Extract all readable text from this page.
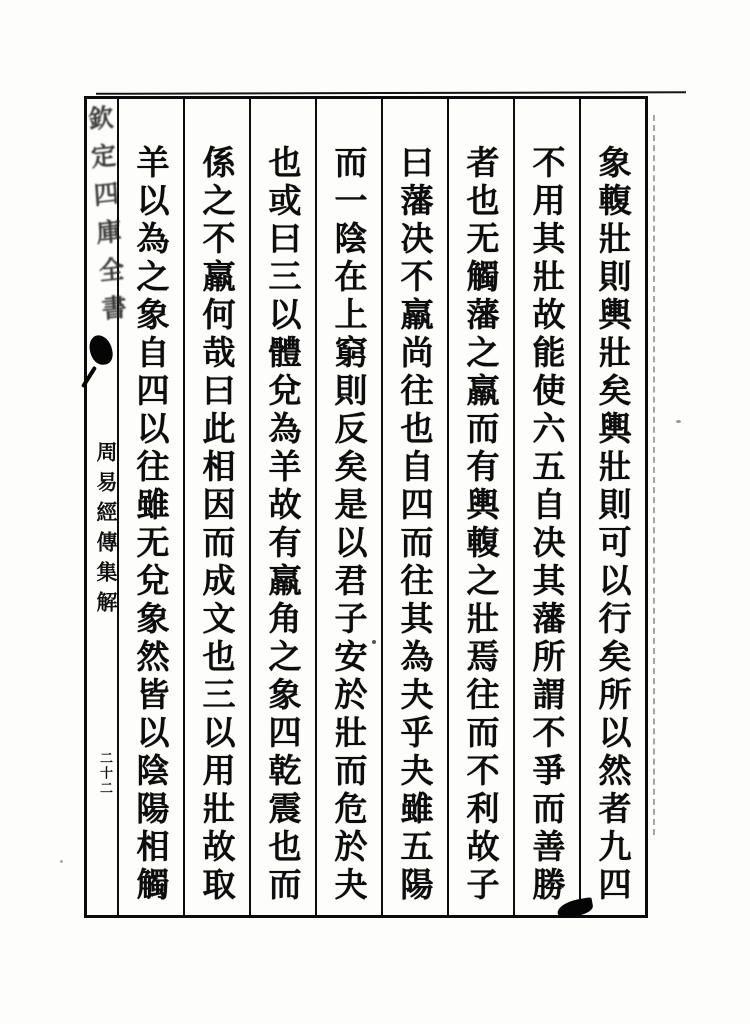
欽定四庫全書
周易經傳集解
二十二	象輹壯則輿壯矣輿壯則可以行矣所以然者九四
不用其壯故能使六五自决其藩所謂不爭而善勝
者也无觸藩之羸而有輿輹之壯焉往而不利故子
曰藩决不羸尚往也自四而往其為夬乎夬雖五陽
而一陰在上窮則反矣是以君子安於壯而危於夬
也或曰三以體兌為羊故有羸角之象四乾震也而
係之不羸何哉曰此相因而成文也三以用壯故取
羊以為之象自四以往雖无兌象然皆以陰陽相觸
